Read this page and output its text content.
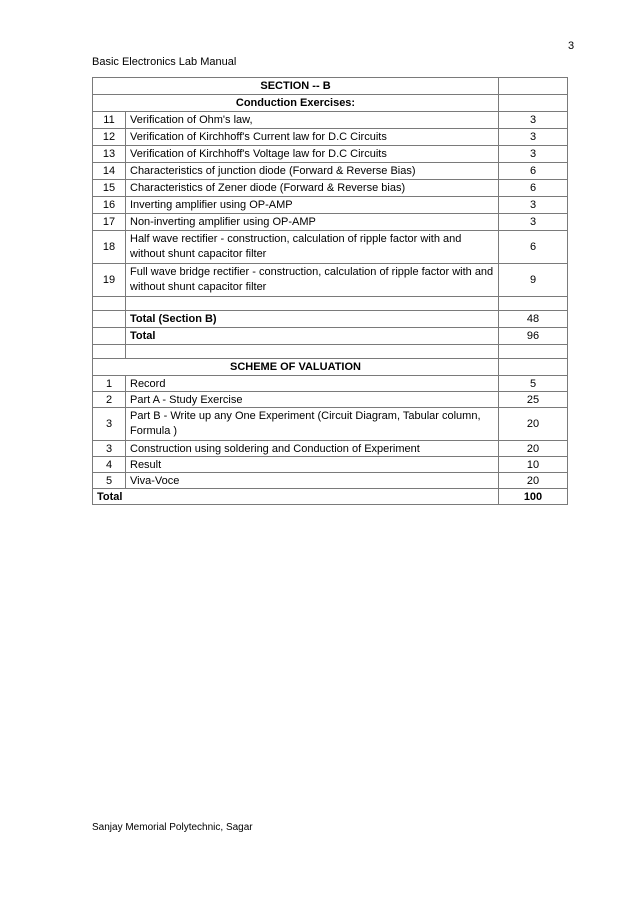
3
Basic Electronics Lab Manual
SECTION -- B		
Conduction Exercises:		
11	Verification of Ohm's law,	3
12	Verification of Kirchhoff's Current law for D.C Circuits	3
13	Verification of Kirchhoff's Voltage law for D.C Circuits	3
14	Characteristics of junction diode (Forward & Reverse Bias)	6
15	Characteristics of Zener diode (Forward & Reverse bias)	6
16	Inverting amplifier using OP-AMP	3
17	Non-inverting amplifier using OP-AMP	3
18	Half wave rectifier - construction, calculation of ripple factor with and without shunt capacitor filter	6
19	Full wave bridge rectifier - construction, calculation of ripple factor with and without shunt capacitor filter	9

	Total (Section B)	48
	Total	96

SCHEME OF VALUATION		
1	Record	5
2	Part A - Study Exercise	25
3	Part B - Write up any One Experiment (Circuit Diagram, Tabular column, Formula )	20
3	Construction using soldering and Conduction of Experiment	20
4	Result	10
5	Viva-Voce	20
Total		100
Sanjay Memorial Polytechnic, Sagar
